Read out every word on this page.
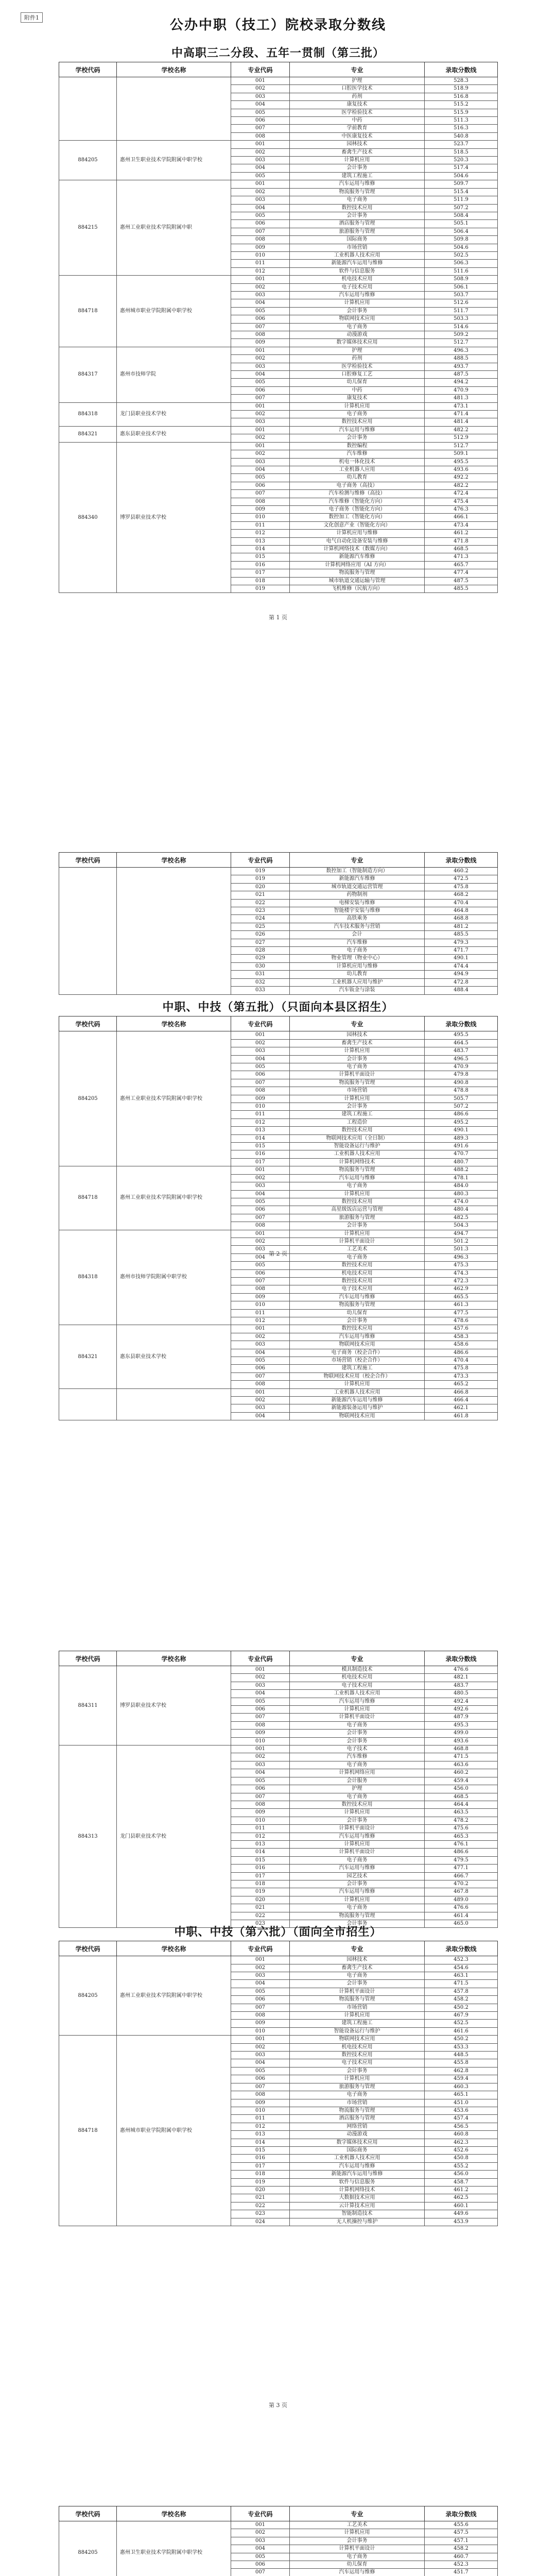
附件1	公办中职（技工）院校录取分数线
中高职三二分段、五年一贯制（第三批）
学校代码	学校名称	专业代码	专业	录取分数线
		001	护理	528.3
		002	口腔医学技术	518.9
		003	药剂	516.8
		004	康复技术	515.2
		005	医学检验技术	515.9
		006	中药	511.3
		007	学前教育	516.3
		008	中医康复技术	540.8
884205	惠州卫生职业技术学院附属中职学校	001	园林技术	523.7
		002	畜禽生产技术	518.5
		003	计算机应用	520.3
		004	会计事务	517.4
		005	建筑工程施工	504.6
884215	惠州工业职业技术学院附属中职	001	汽车运用与维修	509.7
		002	物流服务与管理	515.4
		003	电子商务	511.9
		004	数控技术应用	507.2
		005	会计事务	508.4
		006	酒店服务与管理	505.1
		007	旅游服务与管理	506.4
		008	国际商务	509.8
		009	市场营销	504.6
		010	工业机器人技术应用	502.5
		011	新能源汽车运用与维修	506.3
		012	软件与信息服务	511.6
884718	惠州城市职业学院附属中职学校	001	机电技术应用	508.9
		002	电子技术应用	506.1
		003	汽车运用与维修	503.7
		004	计算机应用	512.6
		005	会计事务	511.7
		006	物联网技术应用	503.3
		007	电子商务	514.6
		008	动漫游戏	509.2
		009	数字媒体技术应用	512.7
884317	惠州市技师学院	001	护理	496.3
		002	药剂	488.5
		003	医学检验技术	493.7
		004	口腔修复工艺	487.5
		005	幼儿保育	494.2
		006	中药	470.9
		007	康复技术	481.3
884318	龙门县职业技术学校	001	计算机应用	473.1
		002	电子商务	471.4
		003	数控技术应用	481.4
884321	惠东县职业技术学校	001	汽车运用与维修	482.2
		002	会计事务	512.9
884340	博罗县职业技术学校	001	数控编程	512.7
		002	汽车维修	509.1
		003	机电一体化技术	495.5
		004	工业机器人应用	493.6
		005	幼儿教育	492.2
		006	电子商务（高技）	482.2
		007	汽车检测与维修（高技）	472.4
		008	汽车维修（智能化方向）	475.4
		009	电子商务（智能化方向）	476.3
		010	数控加工（智能化方向）	466.1
		011	文化创意产业（智能化方向）	473.4
		012	计算机应用与维修	461.2
		013	电气自动化设备安装与维修	471.8
		014	计算机网络技术（数媒方向）	468.5
		015	新能源汽车维修	471.3
		016	计算机网络应用（AI 方向）	465.7
		017	物流服务与管理	477.4
		018	城市轨道交通运输与管理	487.5
		019	飞机维修（民航方向）	485.5
第 1 页
学校代码	学校名称	专业代码	专业	录取分数线
		019	数控加工（智能制造方向）	460.2
		019	新能源汽车维修	472.5
		020	城市轨道交通运营管理	475.8
		021	药物制剂	468.2
		022	电梯安装与维修	470.4
		023	智能楼宇安装与维修	464.8
		024	高铁乘务	468.8
		025	汽车技术服务与营销	481.2
		026	会计	485.5
		027	汽车维修	479.3
		028	电子商务	471.7
		029	物业管理（物业中心）	490.1
		030	计算机应用与维修	474.4
		031	幼儿教育	494.9
		032	工业机器人应用与维护	472.8
		033	汽车钣金与涂装	488.4
中职、中技（第五批）（只面向本县区招生）
学校代码	学校名称	专业代码	专业	录取分数线
884205	惠州工业职业技术学院附属中职学校	001	园林技术	495.5
		002	畜禽生产技术	464.5
		003	计算机应用	483.7
		004	会计事务	496.5
		005	电子商务	470.9
		006	计算机平面设计	479.8
		007	物流服务与管理	490.8
		008	市场营销	478.8
		009	计算机应用	505.7
		010	会计事务	507.2
		011	建筑工程施工	486.6
		012	工程造价	495.2
		013	数控技术应用	490.1
		014	物联网技术应用（全日制）	489.3
		015	智能设备运行与维护	491.6
		016	工业机器人技术应用	470.7
		017	计算机网络技术	480.7
884718	惠州工业职业技术学院附属中职学校	001	物流服务与管理	488.2
		002	汽车运用与维修	478.1
		003	电子商务	484.0
		004	计算机应用	480.3
		005	数控技术应用	474.0
		006	高星级饭店运营与管理	480.4
		007	旅游服务与管理	482.5
		008	会计事务	504.3
884318	惠州市技师学院附属中职学校	001	计算机应用	494.7
		002	计算机平面设计	501.2
		003	工艺美术	501.3
		004	电子商务	496.3
		005	数控技术应用	475.3
		006	机电技术应用	474.3
		007	数控技术应用	472.3
		008	电子技术应用	462.9
		009	汽车运用与维修	465.5
		010	物流服务与管理	461.3
		011	幼儿保育	477.5
		012	会计事务	478.6
884321	惠东县职业技术学校	001	数控技术应用	457.6
		002	汽车运用与维修	458.3
		003	物联网技术应用	458.6
		004	电子商务（校企合作）	486.6
		005	市场营销（校企合作）	470.4
		006	建筑工程施工	475.8
		007	物联网技术应用（校企合作）	473.3
		008	计算机应用	465.2
		001	工业机器人技术应用	466.8
		002	新能源汽车运用与维修	466.4
		003	新能源装备运用与维护	462.1
		004	物联网技术应用	461.8
第 2 页
学校代码	学校名称	专业代码	专业	录取分数线
884311	博罗县职业技术学校	001	模具制造技术	476.6
		002	机电技术应用	482.1
		003	电子技术应用	483.7
		004	工业机器人技术应用	480.5
		005	汽车运用与维修	492.4
		006	计算机应用	492.6
		007	计算机平面设计	487.9
		008	电子商务	495.3
		009	会计事务	499.0
		010	会计事务	493.6
884313	龙门县职业技术学校	001	电子技术	468.8
		002	汽车维修	471.5
		003	电子商务	463.6
		004	计算机网络应用	460.2
		005	会计服务	459.4
		006	护理	456.0
		007	电子商务	468.5
		008	数控技术应用	464.4
		009	计算机应用	463.5
		010	会计事务	478.2
		011	计算机平面设计	475.6
		012	汽车运用与维修	465.3
		013	计算机应用	476.1
		014	计算机平面设计	486.6
		015	电子商务	479.5
		016	汽车运用与维修	477.1
		017	园艺技术	466.7
		018	会计事务	470.2
		019	汽车运用与维修	467.8
		020	计算机应用	489.0
		021	电子商务	476.6
		022	物流服务与管理	461.4
		023	会计事务	465.0
中职、中技（第六批）（面向全市招生）
学校代码	学校名称	专业代码	专业	录取分数线
884205	惠州工业职业技术学院附属中职学校	001	园林技术	452.3
		002	畜禽生产技术	454.6
		003	电子商务	463.1
		004	会计事务	471.5
		005	计算机平面设计	457.8
		006	物流服务与管理	458.2
		007	市场营销	450.2
		008	计算机应用	467.9
		009	建筑工程施工	452.5
		010	智能设备运行与维护	461.6
884718	惠州城市职业学院附属中职学校	001	物联网技术应用	450.2
		002	机电技术应用	453.3
		003	数控技术应用	448.5
		004	电子技术应用	455.8
		005	会计事务	462.8
		006	计算机应用	459.4
		007	旅游服务与管理	460.3
		008	电子商务	465.1
		009	市场营销	451.0
		010	物流服务与管理	453.6
		011	酒店服务与管理	457.4
		012	网络营销	456.5
		013	动漫游戏	460.8
		014	数字媒体技术应用	462.3
		015	国际商务	452.6
		016	工业机器人技术应用	450.8
		017	汽车运用与维修	455.2
		018	新能源汽车运用与维修	456.0
		019	软件与信息服务	458.7
		020	计算机网络技术	461.2
		021	大数据技术应用	462.5
		022	云计算技术应用	460.1
		023	智能制造技术	449.6
		024	无人机操控与维护	453.9
第 3 页
学校代码	学校名称	专业代码	专业	录取分数线
884205	惠州卫生职业技术学院附属中职学校	001	工艺美术	455.6
		002	计算机应用	457.5
		003	会计事务	457.1
		004	计算机平面设计	458.2
		005	电子商务	460.7
		006	幼儿保育	452.3
		007	汽车运用与维修	451.7
